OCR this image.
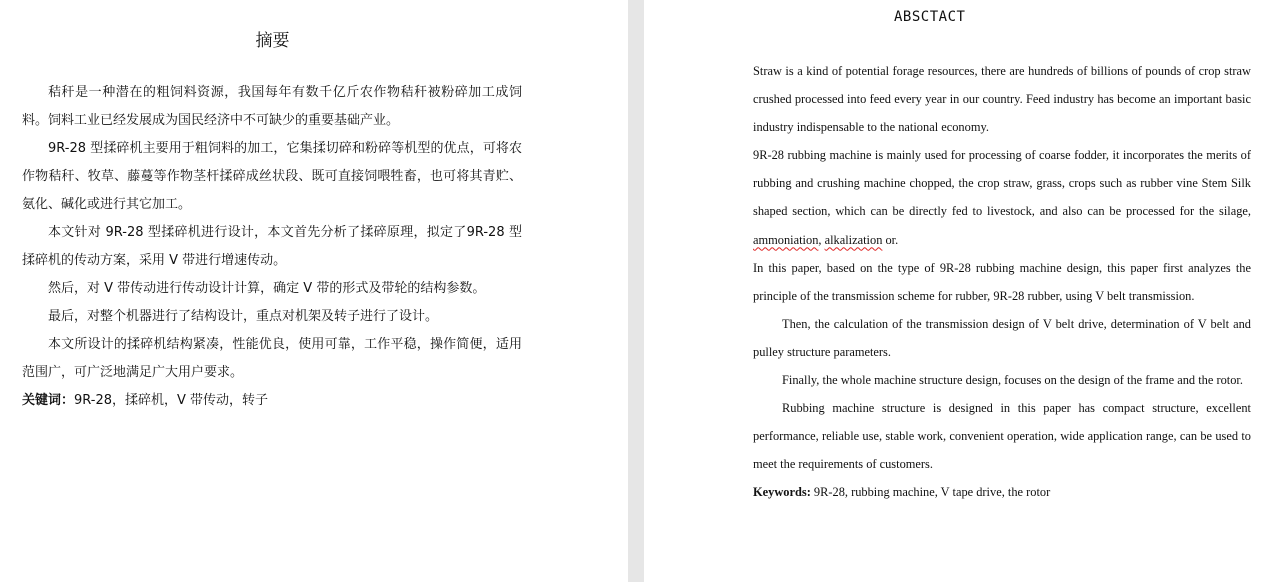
摘要

秸秆是一种潜在的粗饲料资源，我国每年有数千亿斤农作物秸秆被粉碎加工成饲料。饲料工业已经发展成为国民经济中不可缺少的重要基础产业。

9R-28 型揉碎机主要用于粗饲料的加工，它集揉切碎和粉碎等机型的优点，可将农作物秸秆、牧草、藤蔓等作物茎杆揉碎成丝状段、既可直接饲喂牲畜，也可将其青贮、氨化、碱化或进行其它加工。

本文针对 9R-28 型揉碎机进行设计，本文首先分析了揉碎原理，拟定了9R-28 型揉碎机的传动方案，采用 V 带进行增速传动。

然后，对 V 带传动进行传动设计计算，确定 V 带的形式及带轮的结构参数。

最后，对整个机器进行了结构设计，重点对机架及转子进行了设计。

本文所设计的揉碎机结构紧凑，性能优良，使用可靠，工作平稳，操作简便，适用范围广，可广泛地满足广大用户要求。

关键词：9R-28，揉碎机，V 带传动，转子

ABSCTACT

Straw is a kind of potential forage resources, there are hundreds of billions of pounds of crop straw crushed processed into feed every year in our country. Feed industry has become an important basic industry indispensable to the national economy.

9R-28 rubbing machine is mainly used for processing of coarse fodder, it incorporates the merits of rubbing and crushing machine chopped, the crop straw, grass, crops such as rubber vine Stem Silk shaped section, which can be directly fed to livestock, and also can be processed for the silage, ammoniation, alkalization or.

In this paper, based on the type of 9R-28 rubbing machine design, this paper first analyzes the principle of the transmission scheme for rubber, 9R-28 rubber, using V belt transmission.

Then, the calculation of the transmission design of V belt drive, determination of V belt and pulley structure parameters.

Finally, the whole machine structure design, focuses on the design of the frame and the rotor.

Rubbing machine structure is designed in this paper has compact structure, excellent performance, reliable use, stable work, convenient operation, wide application range, can be used to meet the requirements of customers.

Keywords: 9R-28, rubbing machine, V tape drive, the rotor
